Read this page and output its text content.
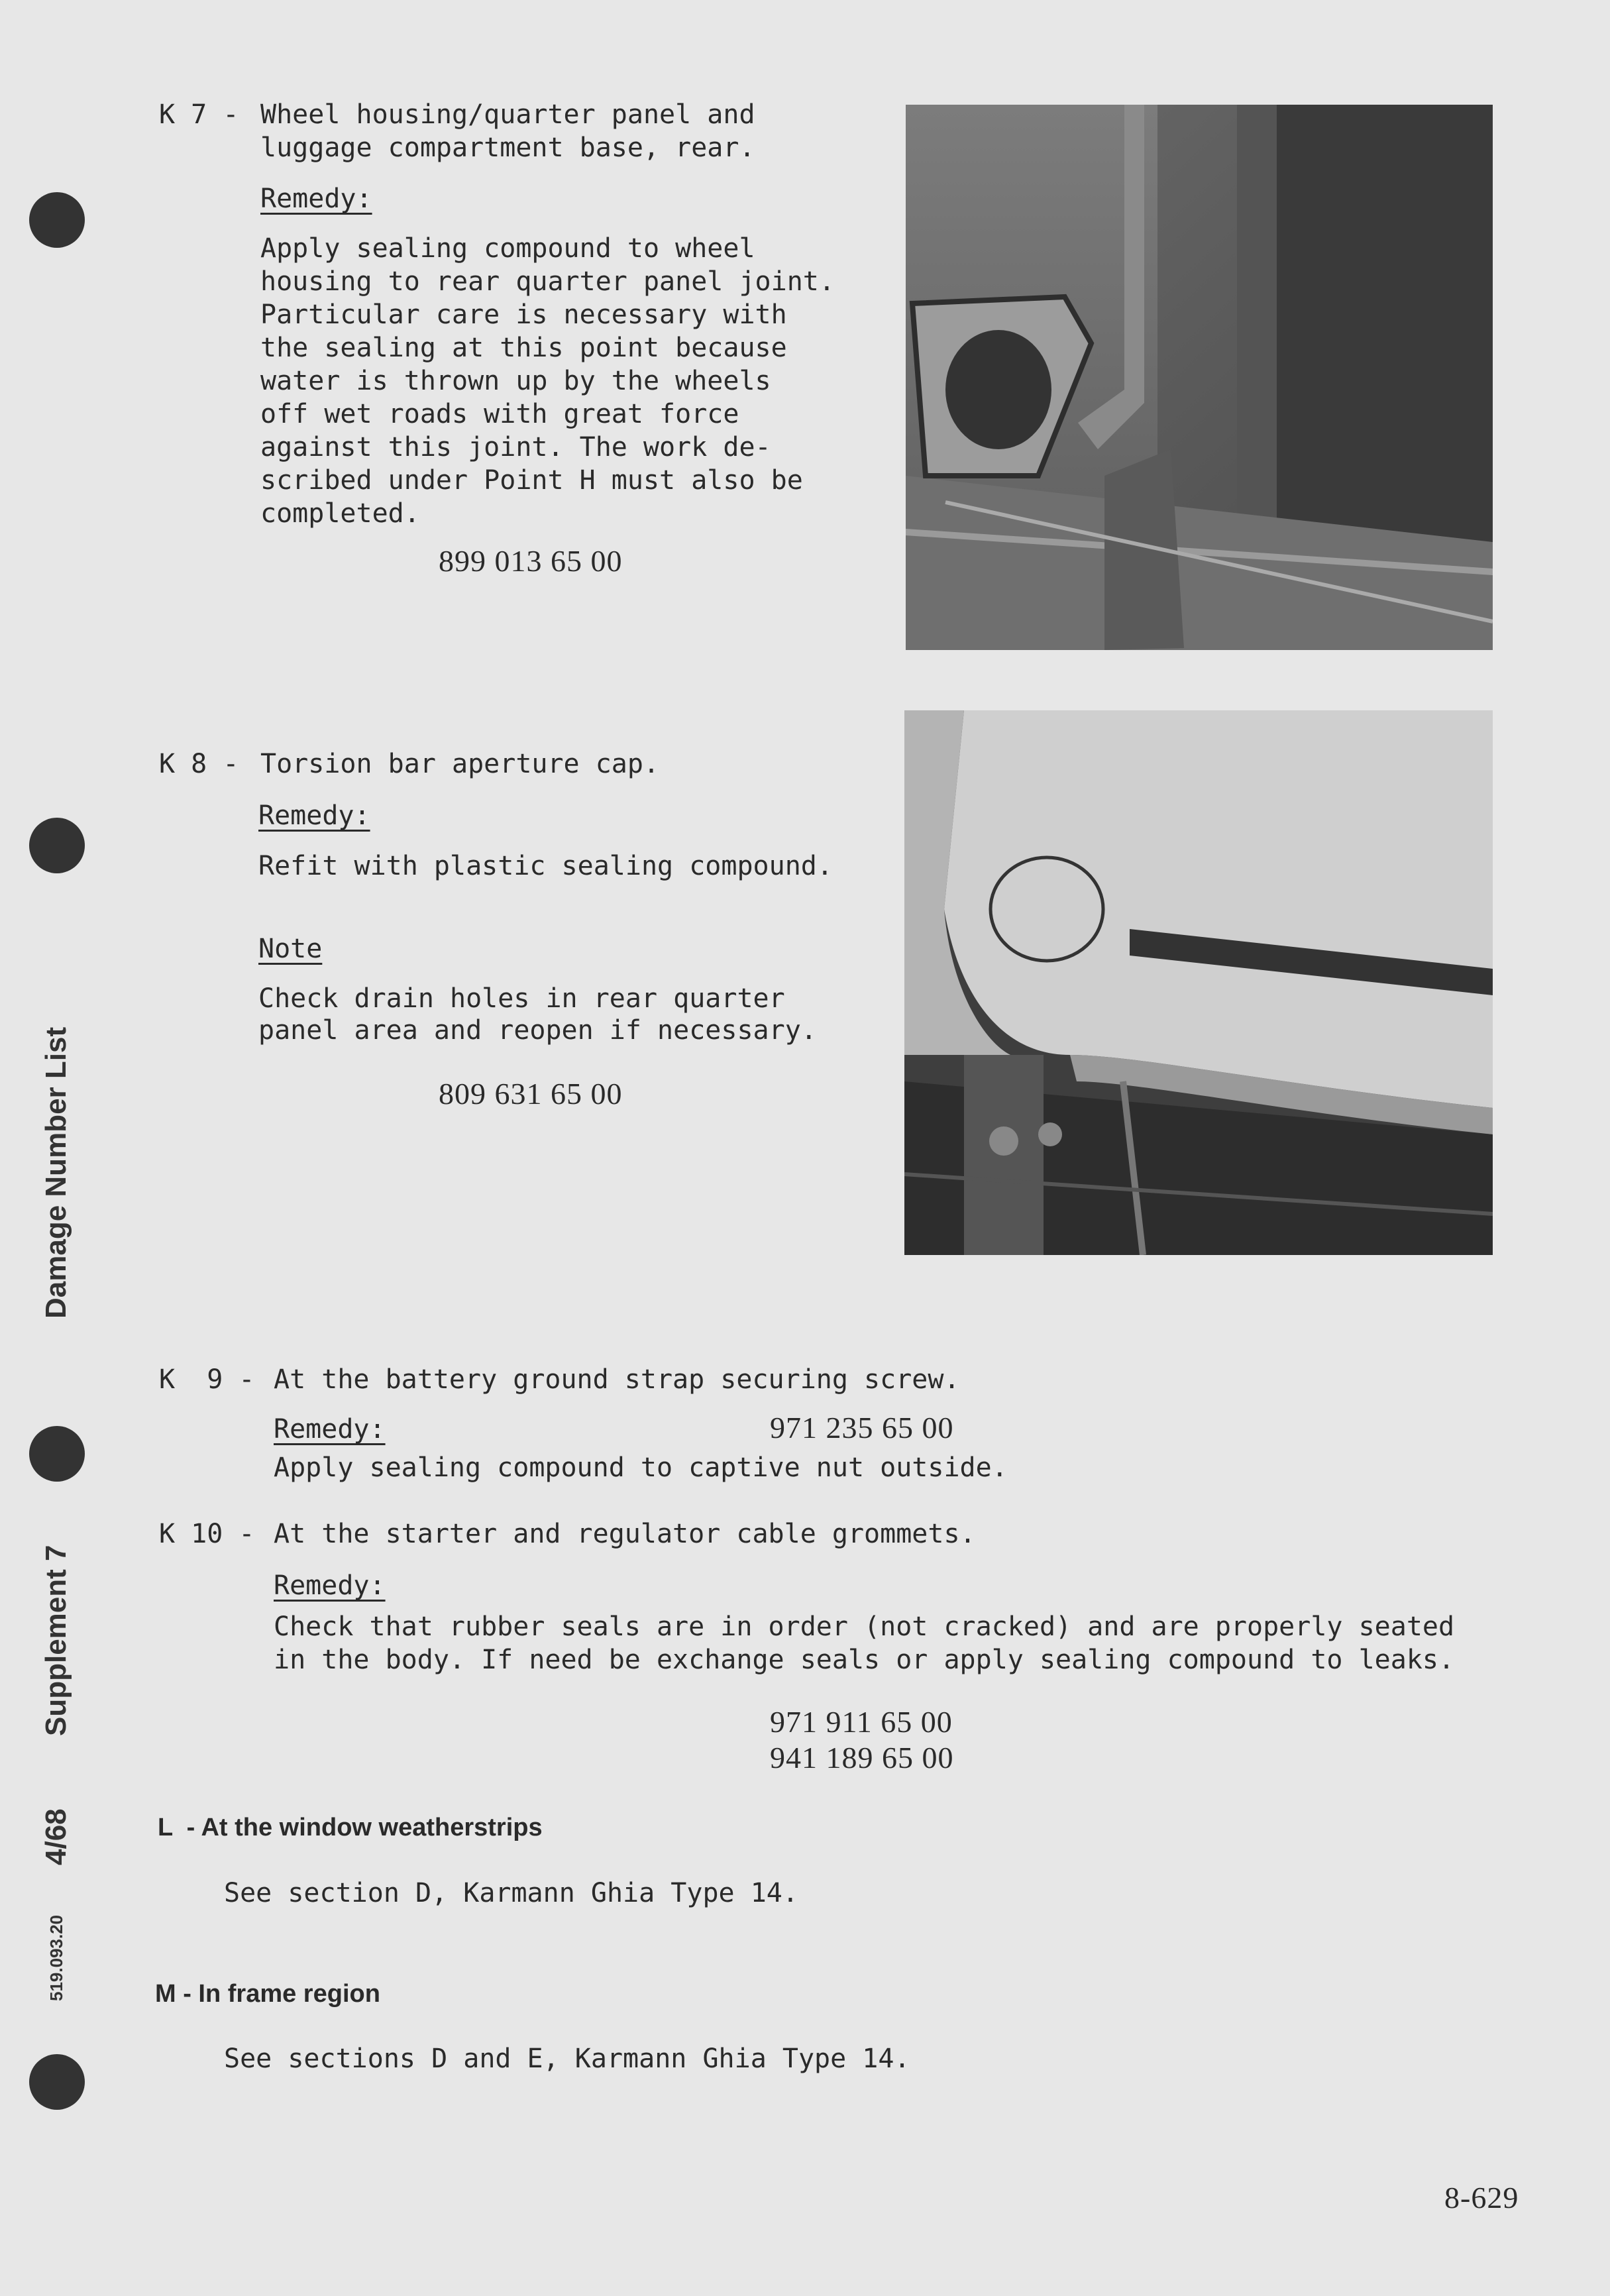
Damage Number List
Supplement 7
4/68
519.093.20
K 7 - Wheel housing/quarter panel and
luggage compartment base, rear.
Remedy:
Apply sealing compound to wheel
housing to rear quarter panel joint.
Particular care is necessary with
the sealing at this point because
water is thrown up by the wheels
off wet roads with great force
against this joint. The work de-
scribed under Point H must also be
completed.
899 013 65 00
K 8 - Torsion bar aperture cap.
Remedy:
Refit with plastic sealing compound.
Note
Check drain holes in rear quarter
panel area and reopen if necessary.
809 631 65 00
K  9 - At the battery ground strap securing screw.
Remedy:	971 235 65 00
Apply sealing compound to captive nut outside.
K 10 - At the starter and regulator cable grommets.
Remedy:
Check that rubber seals are in order (not cracked) and are properly seated
in the body. If need be exchange seals or apply sealing compound to leaks.
971 911 65 00
941 189 65 00
L  - At the window weatherstrips
See section D, Karmann Ghia Type 14.
M - In frame region
See sections D and E, Karmann Ghia Type 14.
8-629
